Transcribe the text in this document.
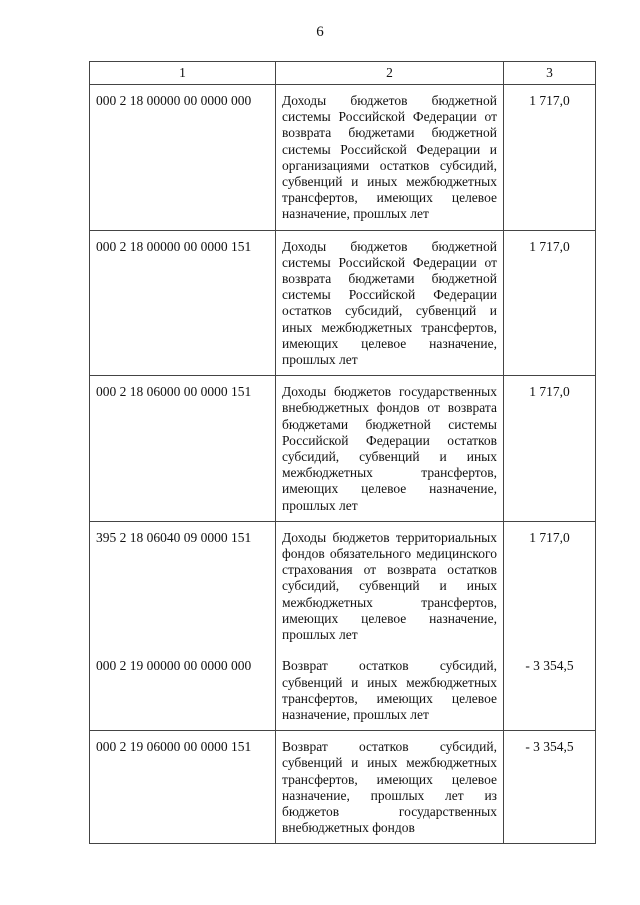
6
1	2	3
000 2 18 00000 00 0000 000	Доходы бюджетов бюджетной системы Российской Федерации от возврата бюджетами бюджетной системы Российской Федерации и организациями остатков субсидий, субвенций и иных межбюджетных трансфертов, имеющих целевое назначение, прошлых лет	1 717,0
000 2 18 00000 00 0000 151	Доходы бюджетов бюджетной системы Российской Федерации от возврата бюджетами бюджетной системы Российской Федерации остатков субсидий, субвенций и иных межбюджетных трансфертов, имеющих целевое назначение, прошлых лет	1 717,0
000 2 18 06000 00 0000 151	Доходы бюджетов государственных внебюджетных фондов от возврата бюджетами бюджетной системы Российской Федерации остатков субсидий, субвенций и иных межбюджетных трансфертов, имеющих целевое назначение, прошлых лет	1 717,0
395 2 18 06040 09 0000 151	Доходы бюджетов территориальных фондов обязательного медицинского страхования от возврата остатков субсидий, субвенций и иных межбюджетных трансфертов, имеющих целевое назначение, прошлых лет	1 717,0
000 2 19 00000 00 0000 000	Возврат остатков субсидий, субвенций и иных межбюджетных трансфертов, имеющих целевое назначение, прошлых лет	- 3 354,5
000 2 19 06000 00 0000 151	Возврат остатков субсидий, субвенций и иных межбюджетных трансфертов, имеющих целевое назначение, прошлых лет из бюджетов государственных внебюджетных фондов	- 3 354,5
